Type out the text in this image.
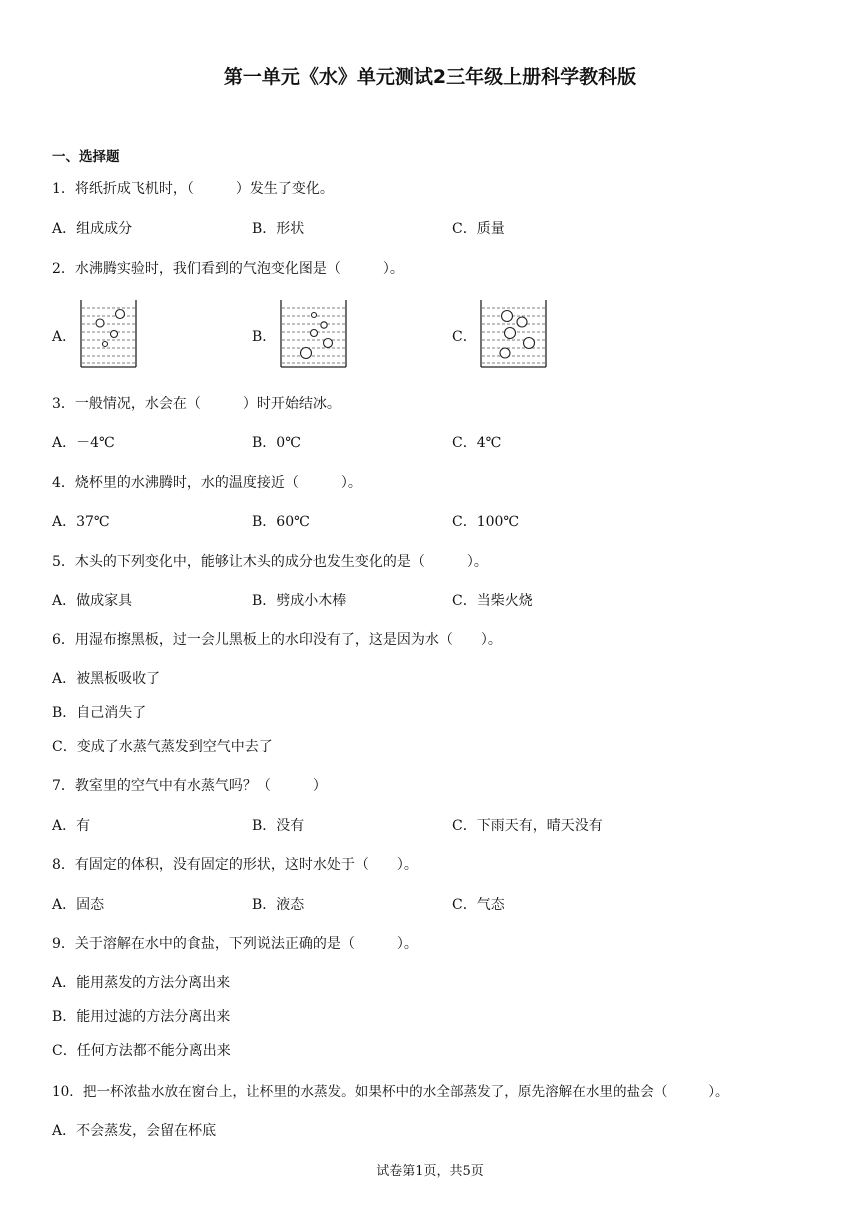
第一单元《水》单元测试2三年级上册科学教科版
一、选择题
1．将纸折成飞机时，（　　　）发生了变化。
A．组成成分	B．形状	C．质量
2．水沸腾实验时，我们看到的气泡变化图是（　　　）。
A．	B．	C．
3．一般情况，水会在（　　　）时开始结冰。
A．－4℃	B．0℃	C．4℃
4．烧杯里的水沸腾时，水的温度接近（　　　）。
A．37℃	B．60℃	C．100℃
5．木头的下列变化中，能够让木头的成分也发生变化的是（　　　）。
A．做成家具	B．劈成小木棒	C．当柴火烧
6．用湿布擦黑板，过一会儿黑板上的水印没有了，这是因为水（　　）。
A．被黑板吸收了
B．自己消失了
C．变成了水蒸气蒸发到空气中去了
7．教室里的空气中有水蒸气吗？（　　　）
A．有	B．没有	C．下雨天有，晴天没有
8．有固定的体积，没有固定的形状，这时水处于（　　）。
A．固态	B．液态	C．气态
9．关于溶解在水中的食盐，下列说法正确的是（　　　）。
A．能用蒸发的方法分离出来
B．能用过滤的方法分离出来
C．任何方法都不能分离出来
10．把一杯浓盐水放在窗台上，让杯里的水蒸发。如果杯中的水全部蒸发了，原先溶解在水里的盐会（　　　）。
A．不会蒸发，会留在杯底
试卷第1页，共5页
